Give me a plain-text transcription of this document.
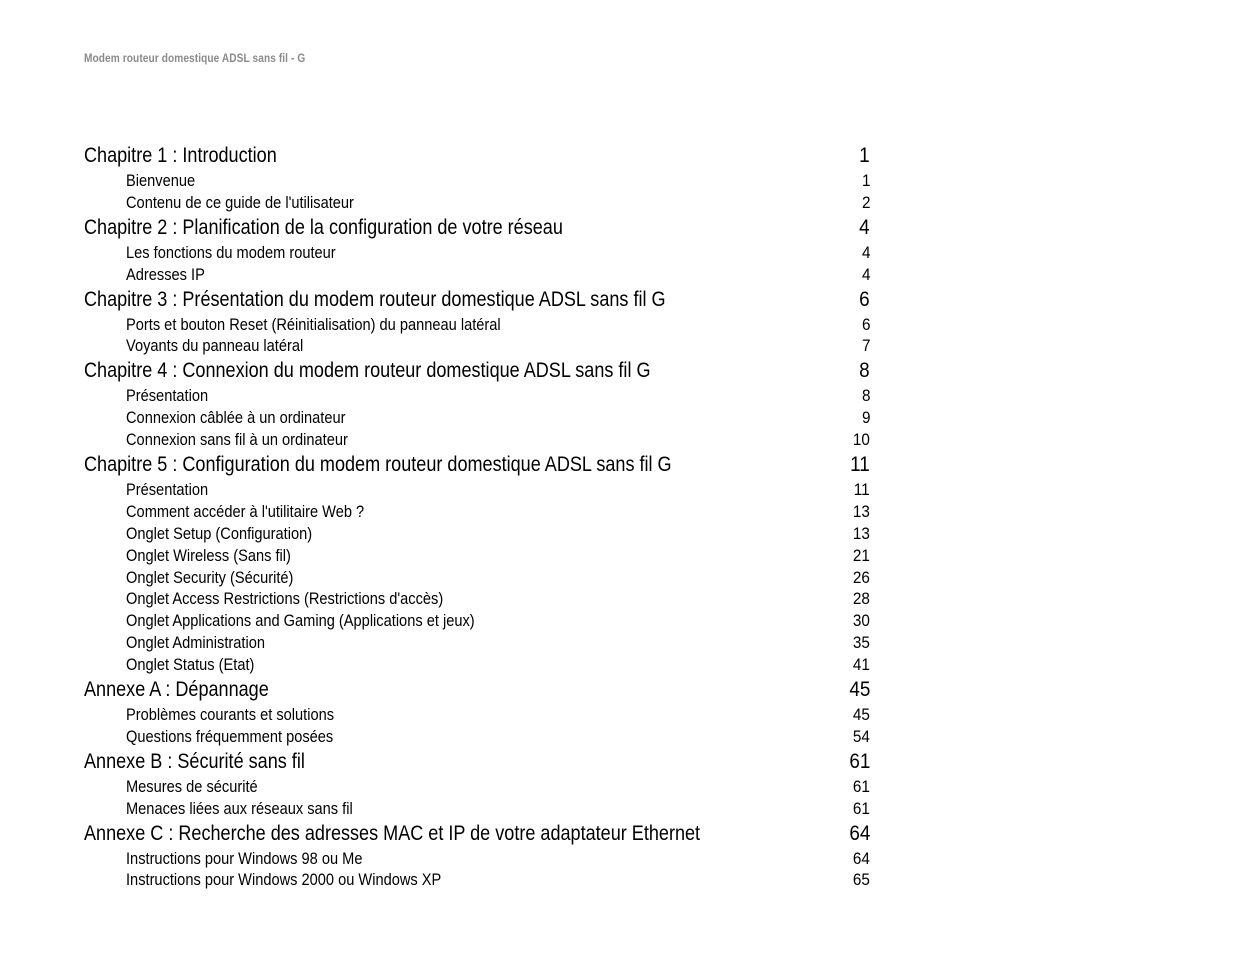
Modem routeur domestique ADSL sans fil - G
Chapitre 1 : Introduction	1
Bienvenue	1
Contenu de ce guide de l'utilisateur	2
Chapitre 2 : Planification de la configuration de votre réseau	4
Les fonctions du modem routeur	4
Adresses IP	4
Chapitre 3 : Présentation du modem routeur domestique ADSL sans fil G	6
Ports et bouton Reset (Réinitialisation) du panneau latéral	6
Voyants du panneau latéral	7
Chapitre 4 : Connexion du modem routeur domestique ADSL sans fil G	8
Présentation	8
Connexion câblée à un ordinateur	9
Connexion sans fil à un ordinateur	10
Chapitre 5 : Configuration du modem routeur domestique ADSL sans fil G	11
Présentation	11
Comment accéder à l'utilitaire Web ?	13
Onglet Setup (Configuration)	13
Onglet Wireless (Sans fil)	21
Onglet Security (Sécurité)	26
Onglet Access Restrictions (Restrictions d'accès)	28
Onglet Applications and Gaming (Applications et jeux)	30
Onglet Administration	35
Onglet Status (Etat)	41
Annexe A : Dépannage	45
Problèmes courants et solutions	45
Questions fréquemment posées	54
Annexe B : Sécurité sans fil	61
Mesures de sécurité	61
Menaces liées aux réseaux sans fil	61
Annexe C : Recherche des adresses MAC et IP de votre adaptateur Ethernet	64
Instructions pour Windows 98 ou Me	64
Instructions pour Windows 2000 ou Windows XP	65
